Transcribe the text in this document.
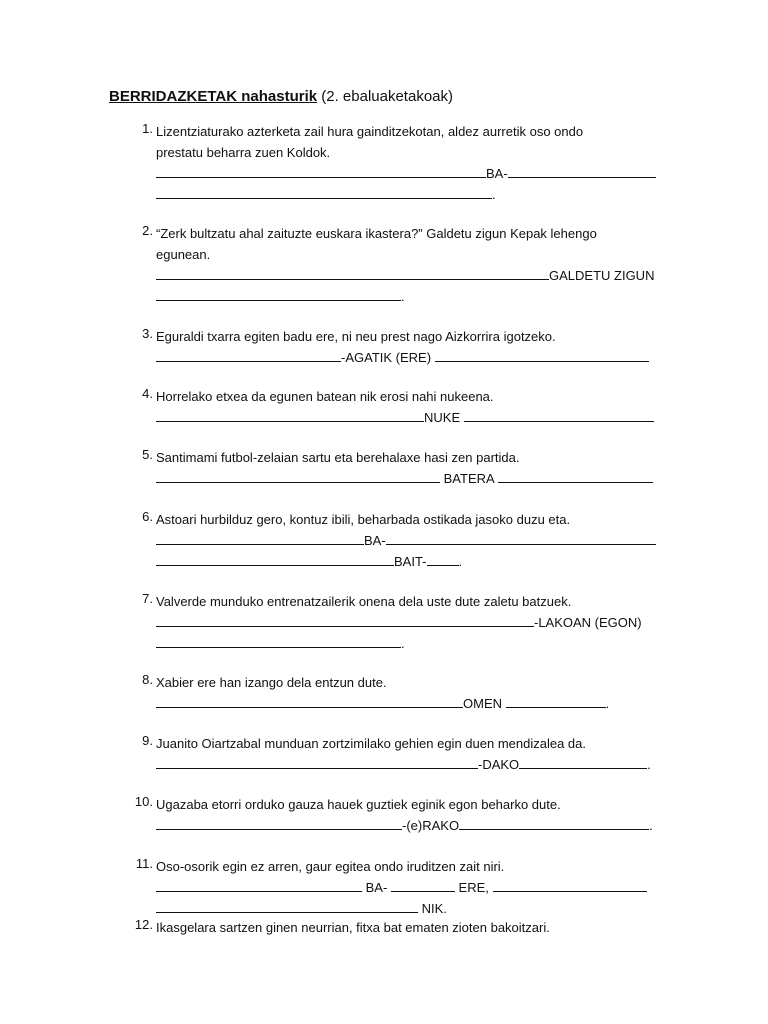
BERRIDAZKETAK nahasturik (2. ebaluaketakoak)
1. Lizentziaturako azterketa zail hura gainditzekotan, aldez aurretik oso ondo
prestatu beharra zuen Koldok.
BA-
.
2. “Zerk bultzatu ahal zaituzte euskara ikastera?” Galdetu zigun Kepak lehengo
egunean.
GALDETU ZIGUN
.
3. Eguraldi txarra egiten badu ere, ni neu prest nago Aizkorrira igotzeko.
-AGATIK (ERE)
4. Horrelako etxea da egunen batean nik erosi nahi nukeena.
NUKE
5. Santimami futbol-zelaian sartu eta berehalaxe hasi zen partida.
BATERA
6. Astoari hurbilduz gero, kontuz ibili, beharbada ostikada jasoko duzu eta.
BA-
BAIT- .
7. Valverde munduko entrenatzailerik onena dela uste dute zaletu batzuek.
-LAKOAN (EGON)
.
8. Xabier ere han izango dela entzun dute.
OMEN	.
9. Juanito Oiartzabal munduan zortzimilako gehien egin duen mendizalea da.
-DAKO	.
10. Ugazaba etorri orduko gauza hauek guztiek eginik egon beharko dute.
-(e)RAKO	.
11. Oso-osorik egin ez arren, gaur egitea ondo iruditzen zait niri.
BA-	ERE,
NIK.
12. Ikasgelara sartzen ginen neurrian, fitxa bat ematen zioten bakoitzari.
